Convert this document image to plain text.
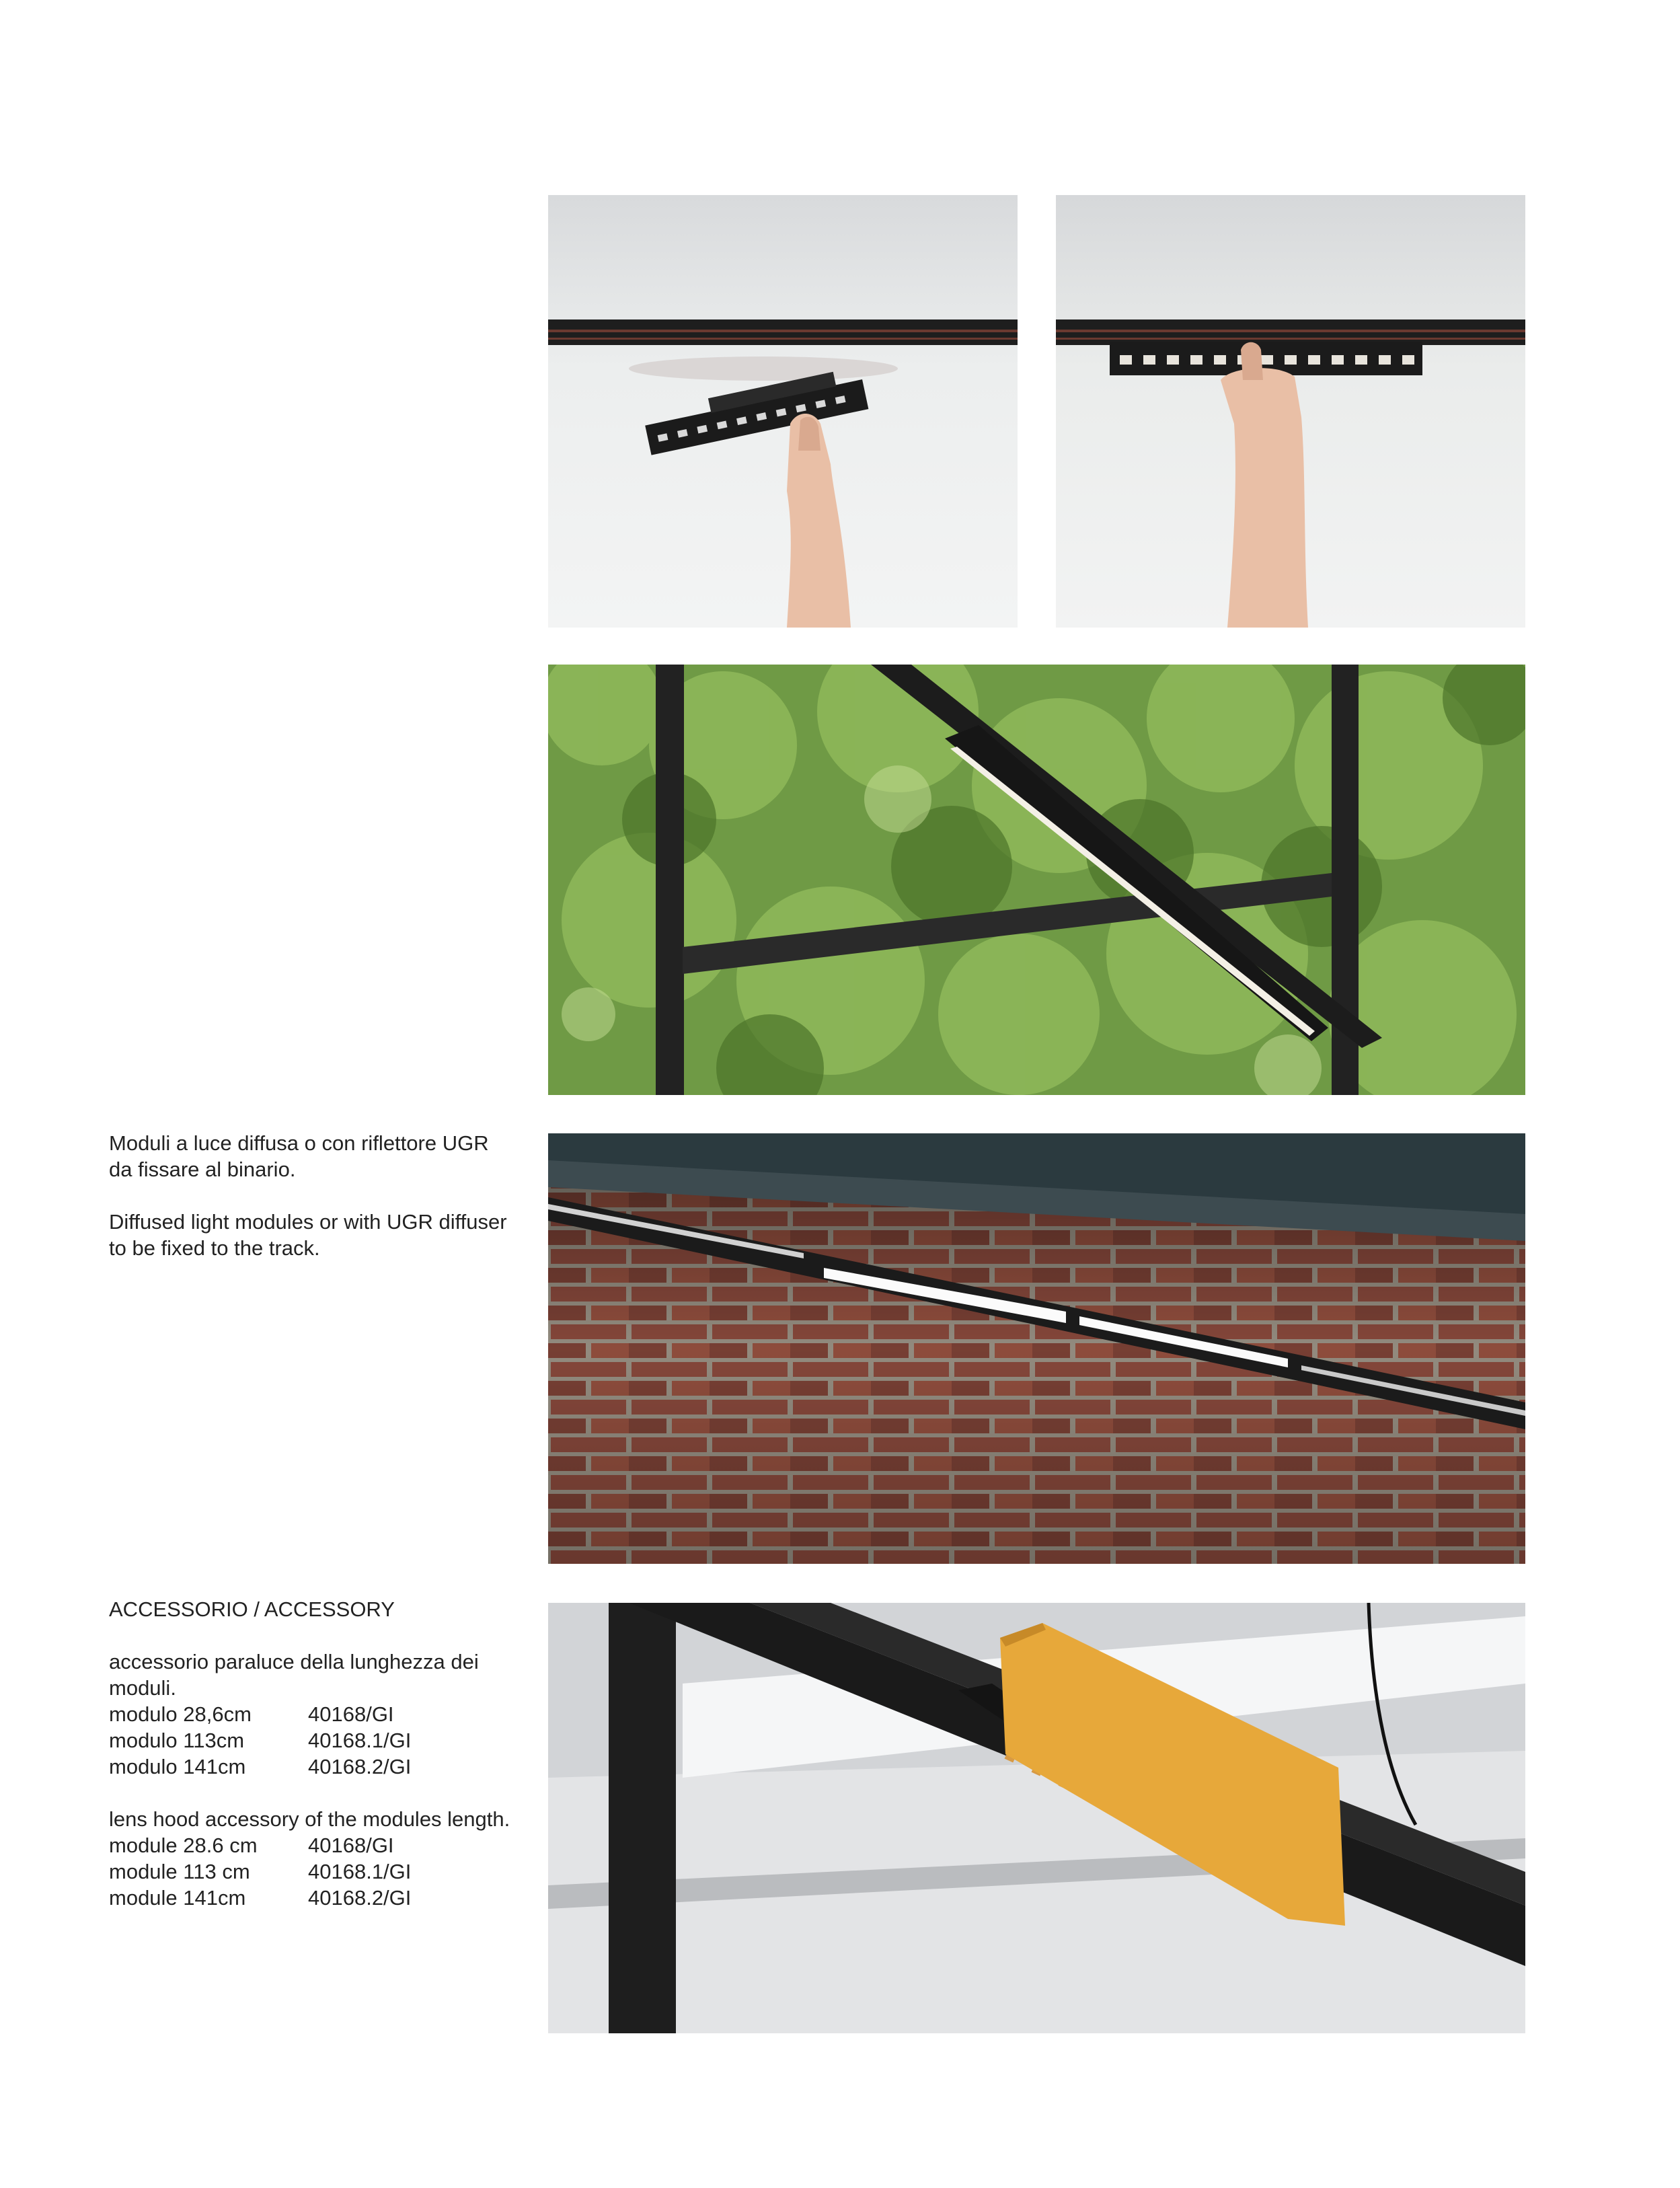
Moduli a luce diffusa o con riflettore UGR da fissare al binario.

Diffused light modules or with UGR diffuser to be fixed to the track.

ACCESSORIO / ACCESSORY

accessorio paraluce della lunghezza dei moduli.

modulo 28,6cm	40168/GI
modulo 113cm	40168.1/GI
modulo 141cm	40168.2/GI

lens hood accessory of the modules length.

module 28.6 cm	40168/GI
module 113 cm	40168.1/GI
module 141cm	40168.2/GI
